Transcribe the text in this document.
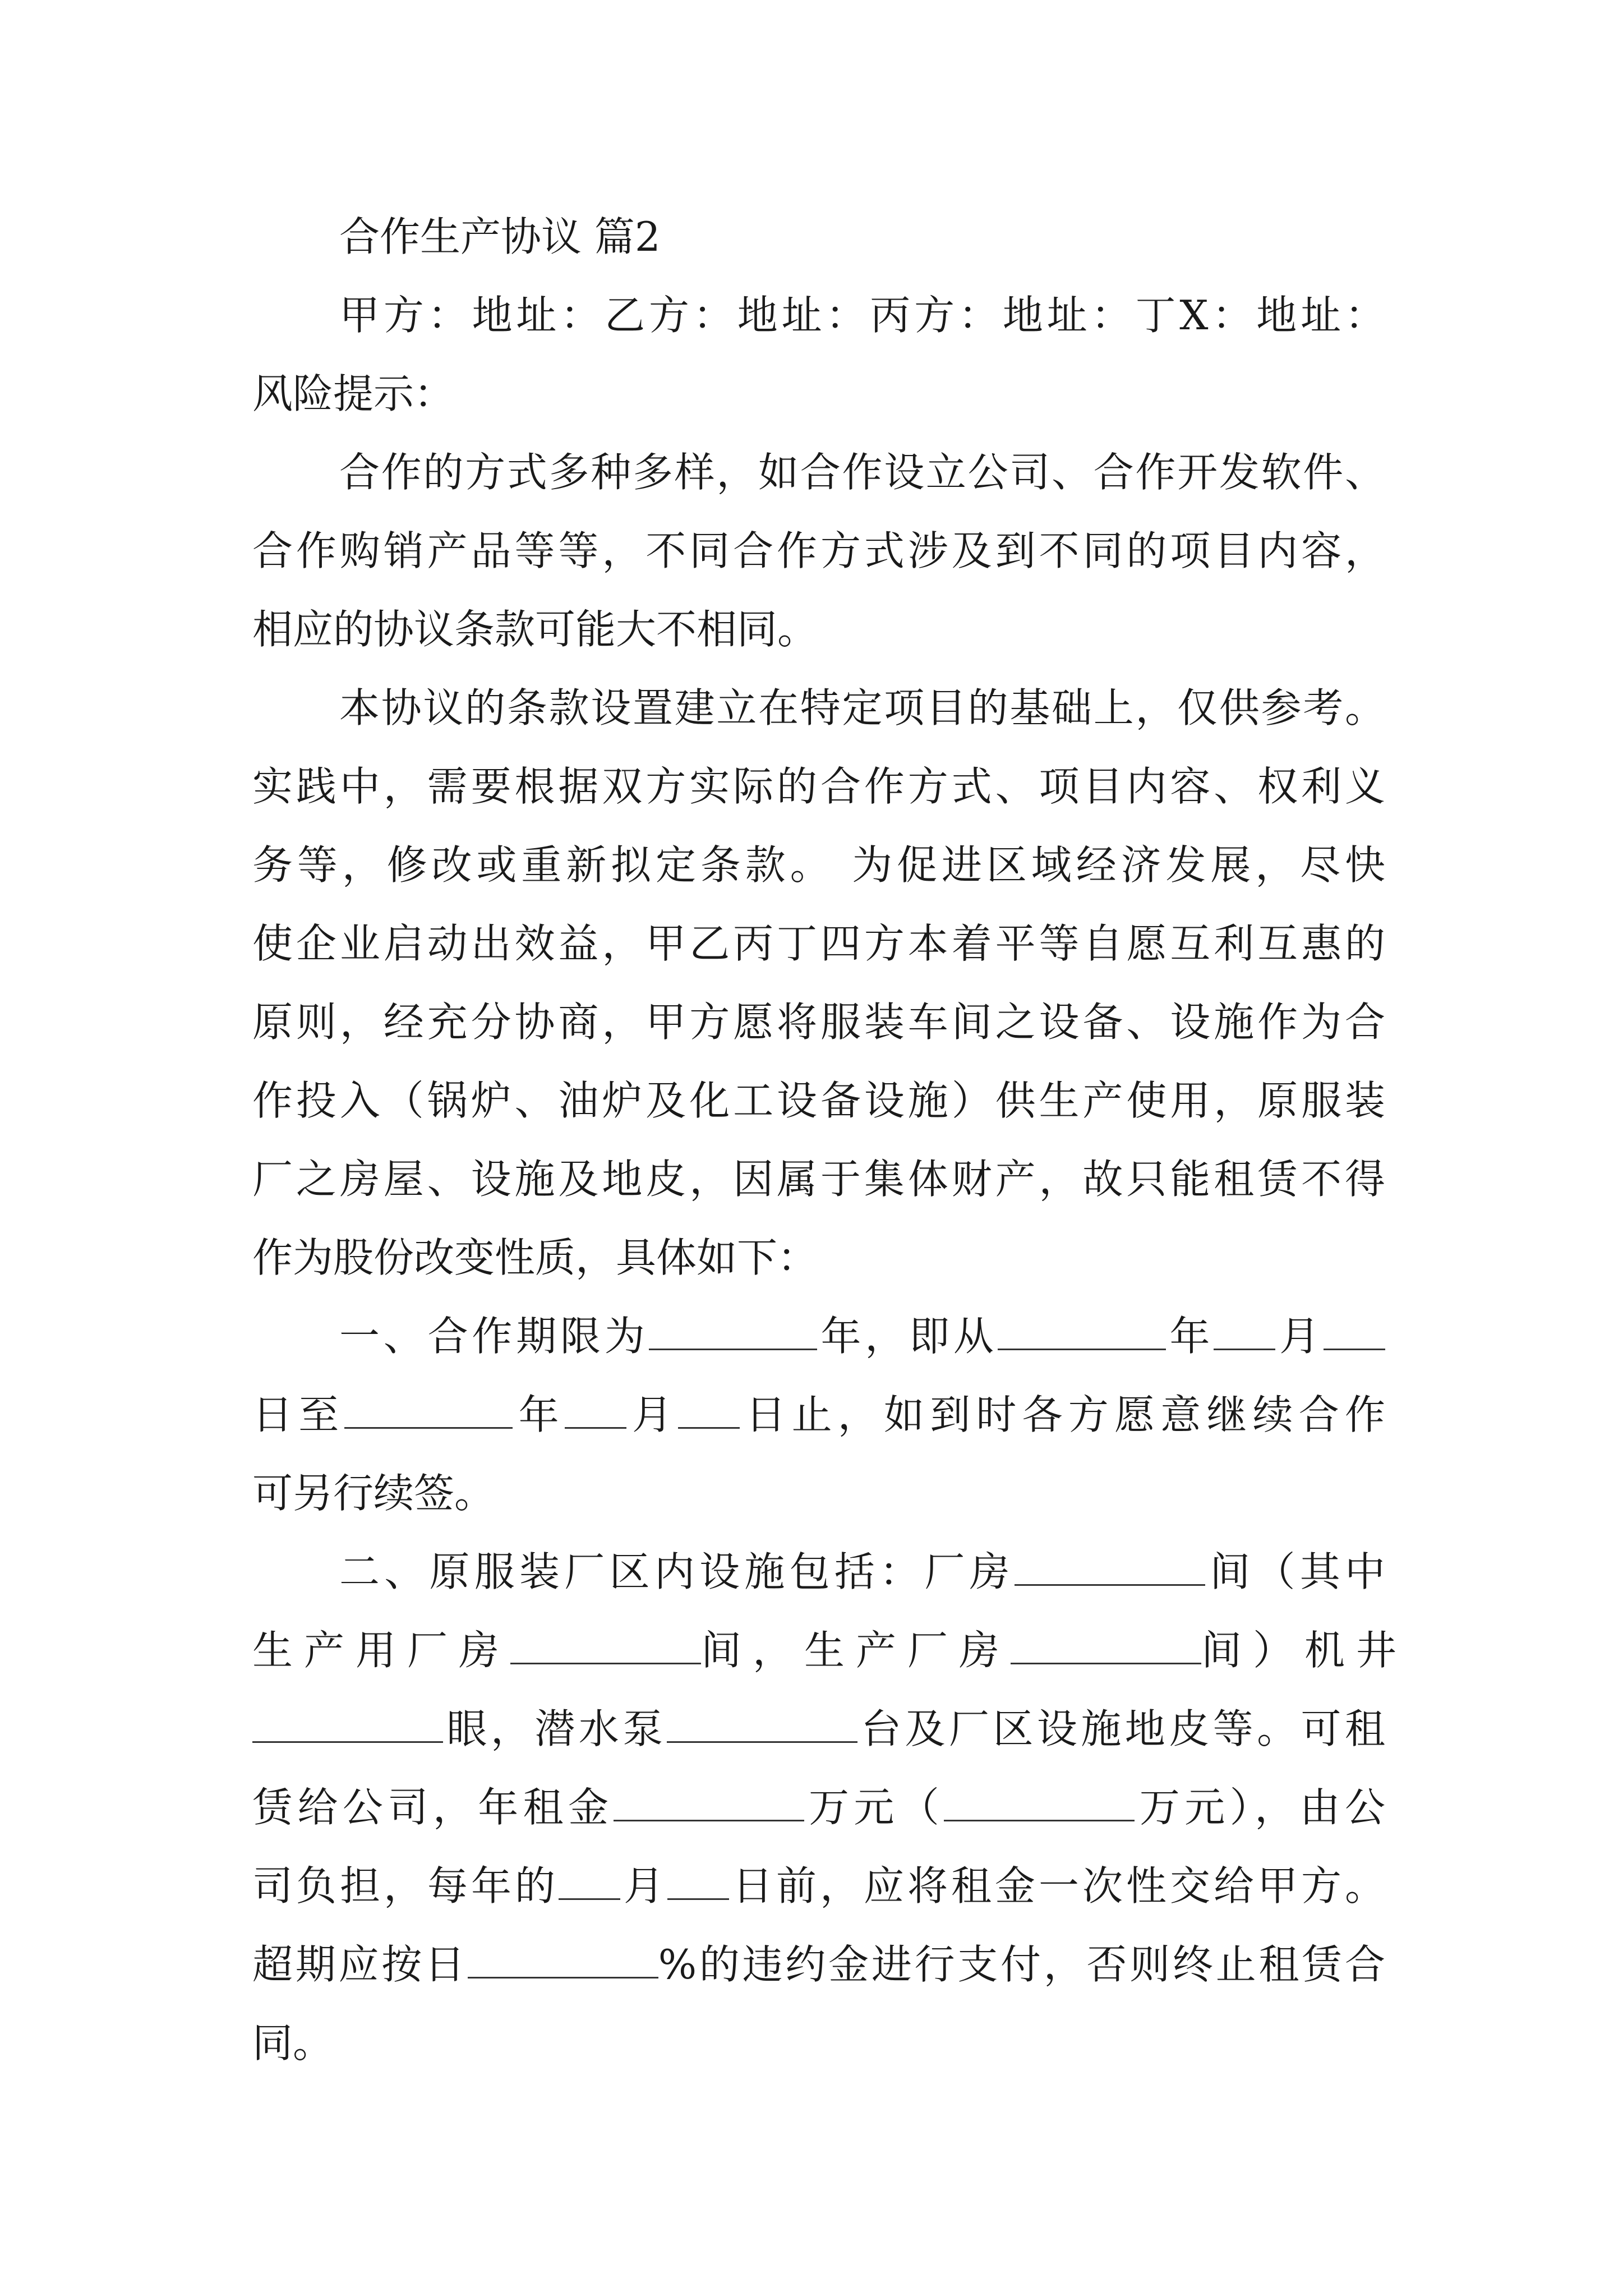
合作生产协议 篇2
甲方：地址：乙方：地址：丙方：地址：丁X：地址：
风险提示：
合作的方式多种多样，如合作设立公司、合作开发软件、
合作购销产品等等，不同合作方式涉及到不同的项目内容，
相应的协议条款可能大不相同。
本协议的条款设置建立在特定项目的基础上，仅供参考。
实践中，需要根据双方实际的合作方式、项目内容、权利义
务等，修改或重新拟定条款。 为促进区域经济发展，尽快
使企业启动出效益，甲乙丙丁四方本着平等自愿互利互惠的
原则，经充分协商，甲方愿将服装车间之设备、设施作为合
作投入（锅炉、油炉及化工设备设施）供生产使用，原服装
厂之房屋、设施及地皮，因属于集体财产，故只能租赁不得
作为股份改变性质，具体如下：
一、合作期限为	年，即从	年 月
日至	年 月 日止，如到时各方愿意继续合作
可另行续签。
二、原服装厂区内设施包括：厂房	间（其中
生产用厂房	间，生产厂房	间）机井
眼，潜水泵	台及厂区设施地皮等。可租
赁给公司，年租金	万元（	万元），由公
司负担，每年的 月 日前，应将租金一次性交给甲方。
超期应按日	%的违约金进行支付，否则终止租赁合
同。
